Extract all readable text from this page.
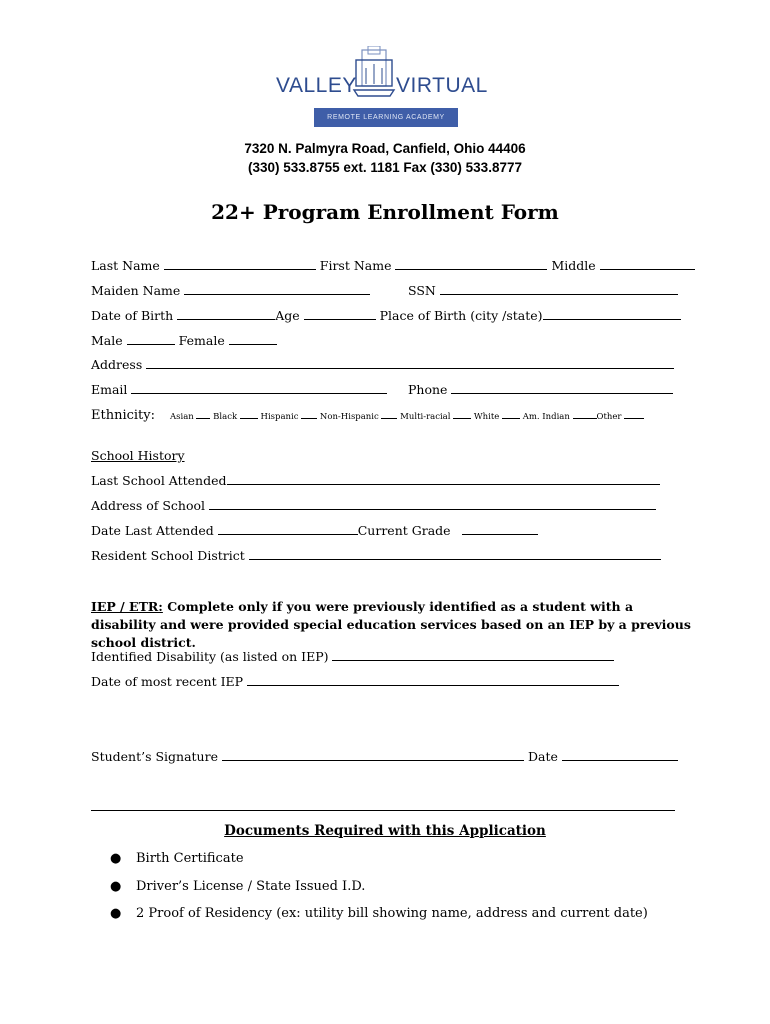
VALLEY VIRTUAL
REMOTE LEARNING ACADEMY
7320 N. Palmyra Road, Canfield, Ohio 44406
(330) 533.8755 ext. 1181 Fax (330) 533.8777
22+ Program Enrollment Form
Last Name	First Name	Middle
Maiden Name	SSN
Date of Birth	Age	Place of Birth (city /state)
Male	Female
Address
Email	Phone
Ethnicity: Asian Black	Hispanic	Non-Hispanic	Multi-racial	White	Am. Indian	Other
School History
Last School Attended
Address of School
Date Last Attended	Current Grade
Resident School District
IEP / ETR: Complete only if you were previously identified as a student with a disability and were provided special education services based on an IEP by a previous school district.
Identified Disability (as listed on IEP)
Date of most recent IEP
Student’s Signature	Date
Documents Required with this Application
● Birth Certificate
● Driver’s License / State Issued I.D.
● 2 Proof of Residency (ex: utility bill showing name, address and current date)
